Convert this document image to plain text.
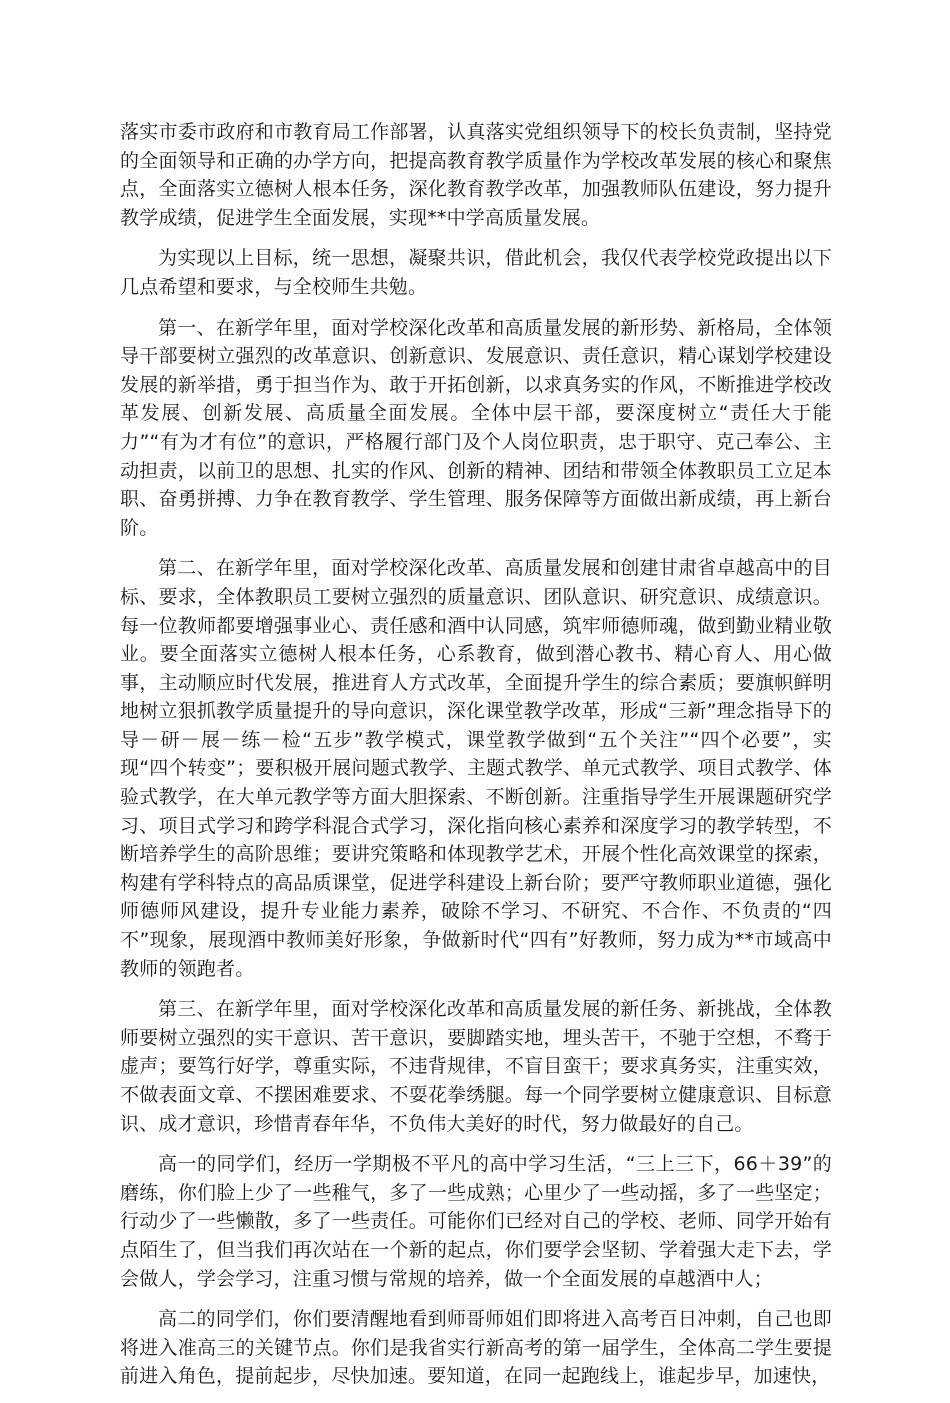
落实市委市政府和市教育局工作部署，认真落实党组织领导下的校长负责制，坚持党的全面领导和正确的办学方向，把提高教育教学质量作为学校改革发展的核心和聚焦点，全面落实立德树人根本任务，深化教育教学改革，加强教师队伍建设，努力提升教学成绩，促进学生全面发展，实现**中学高质量发展。

为实现以上目标，统一思想，凝聚共识，借此机会，我仅代表学校党政提出以下几点希望和要求，与全校师生共勉。

第一、在新学年里，面对学校深化改革和高质量发展的新形势、新格局，全体领导干部要树立强烈的改革意识、创新意识、发展意识、责任意识，精心谋划学校建设发展的新举措，勇于担当作为、敢于开拓创新，以求真务实的作风，不断推进学校改革发展、创新发展、高质量全面发展。全体中层干部，要深度树立“责任大于能力”“有为才有位”的意识，严格履行部门及个人岗位职责，忠于职守、克己奉公、主动担责，以前卫的思想、扎实的作风、创新的精神、团结和带领全体教职员工立足本职、奋勇拼搏、力争在教育教学、学生管理、服务保障等方面做出新成绩，再上新台阶。

第二、在新学年里，面对学校深化改革、高质量发展和创建甘肃省卓越高中的目标、要求，全体教职员工要树立强烈的质量意识、团队意识、研究意识、成绩意识。每一位教师都要增强事业心、责任感和酒中认同感，筑牢师德师魂，做到勤业精业敬业。要全面落实立德树人根本任务，心系教育，做到潜心教书、精心育人、用心做事，主动顺应时代发展，推进育人方式改革，全面提升学生的综合素质；要旗帜鲜明地树立狠抓教学质量提升的导向意识，深化课堂教学改革，形成“三新”理念指导下的导－研－展－练－检“五步”教学模式，课堂教学做到“五个关注”“四个必要”，实现“四个转变”；要积极开展问题式教学、主题式教学、单元式教学、项目式教学、体验式教学，在大单元教学等方面大胆探索、不断创新。注重指导学生开展课题研究学习、项目式学习和跨学科混合式学习，深化指向核心素养和深度学习的教学转型，不断培养学生的高阶思维；要讲究策略和体现教学艺术，开展个性化高效课堂的探索，构建有学科特点的高品质课堂，促进学科建设上新台阶；要严守教师职业道德，强化师德师风建设，提升专业能力素养，破除不学习、不研究、不合作、不负责的“四不”现象，展现酒中教师美好形象，争做新时代“四有”好教师，努力成为**市域高中教师的领跑者。

第三、在新学年里，面对学校深化改革和高质量发展的新任务、新挑战，全体教师要树立强烈的实干意识、苦干意识，要脚踏实地，埋头苦干，不驰于空想，不骛于虚声；要笃行好学，尊重实际，不违背规律，不盲目蛮干；要求真务实，注重实效，不做表面文章、不摆困难要求、不耍花拳绣腿。每一个同学要树立健康意识、目标意识、成才意识，珍惜青春年华，不负伟大美好的时代，努力做最好的自己。

高一的同学们，经历一学期极不平凡的高中学习生活，“三上三下，66＋39”的磨练，你们脸上少了一些稚气，多了一些成熟；心里少了一些动摇，多了一些坚定；行动少了一些懒散，多了一些责任。可能你们已经对自己的学校、老师、同学开始有点陌生了，但当我们再次站在一个新的起点，你们要学会坚韧、学着强大走下去，学会做人，学会学习，注重习惯与常规的培养，做一个全面发展的卓越酒中人；

高二的同学们，你们要清醒地看到师哥师姐们即将进入高考百日冲刺，自己也即将进入准高三的关键节点。你们是我省实行新高考的第一届学生，全体高二学生要提前进入角色，提前起步，尽快加速。要知道，在同一起跑线上，谁起步早，加速快，
